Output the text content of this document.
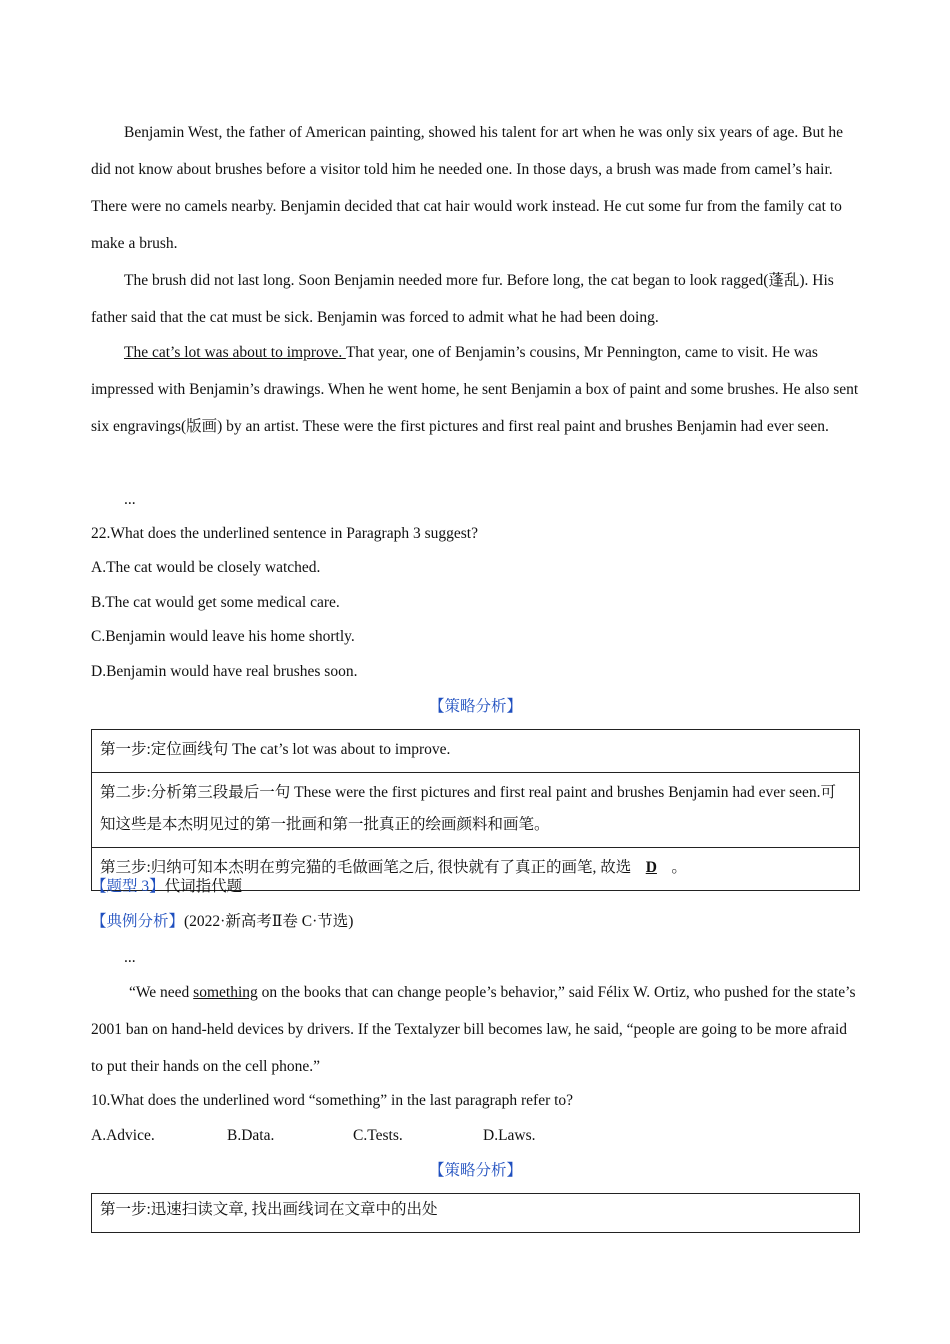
Benjamin West, the father of American painting, showed his talent for art when he was only six years of age. But he did not know about brushes before a visitor told him he needed one. In those days, a brush was made from camel’s hair. There were no camels nearby. Benjamin decided that cat hair would work instead. He cut some fur from the family cat to make a brush.

The brush did not last long. Soon Benjamin needed more fur. Before long, the cat began to look ragged(蓬乱). His father said that the cat must be sick. Benjamin was forced to admit what he had been doing.

The cat’s lot was about to improve. That year, one of Benjamin’s cousins, Mr Pennington, came to visit. He was impressed with Benjamin’s drawings. When he went home, he sent Benjamin a box of paint and some brushes. He also sent six engravings(版画) by an artist. These were the first pictures and first real paint and brushes Benjamin had ever seen.

...
22.What does the underlined sentence in Paragraph 3 suggest?
A.The cat would be closely watched.
B.The cat would get some medical care.
C.Benjamin would leave his home shortly.
D.Benjamin would have real brushes soon.
【策略分析】
第一步:定位画线句 The cat’s lot was about to improve.
第二步:分析第三段最后一句 These were the first pictures and first real paint and brushes Benjamin had ever seen.可知这些是本杰明见过的第一批画和第一批真正的绘画颜料和画笔。
第三步:归纳可知本杰明在剪完猫的毛做画笔之后, 很快就有了真正的画笔, 故选 D 。
【题型 3】代词指代题
【典例分析】(2022·新高考Ⅱ卷 C·节选)
...

“We need something on the books that can change people’s behavior,” said Félix W. Ortiz, who pushed for the state’s 2001 ban on hand-held devices by drivers. If the Textalyzer bill becomes law, he said, “people are going to be more afraid to put their hands on the cell phone.”

10.What does the underlined word “something” in the last paragraph refer to?
A.Advice.	B.Data.	C.Tests.	D.Laws.
【策略分析】
第一步:迅速扫读文章, 找出画线词在文章中的出处
